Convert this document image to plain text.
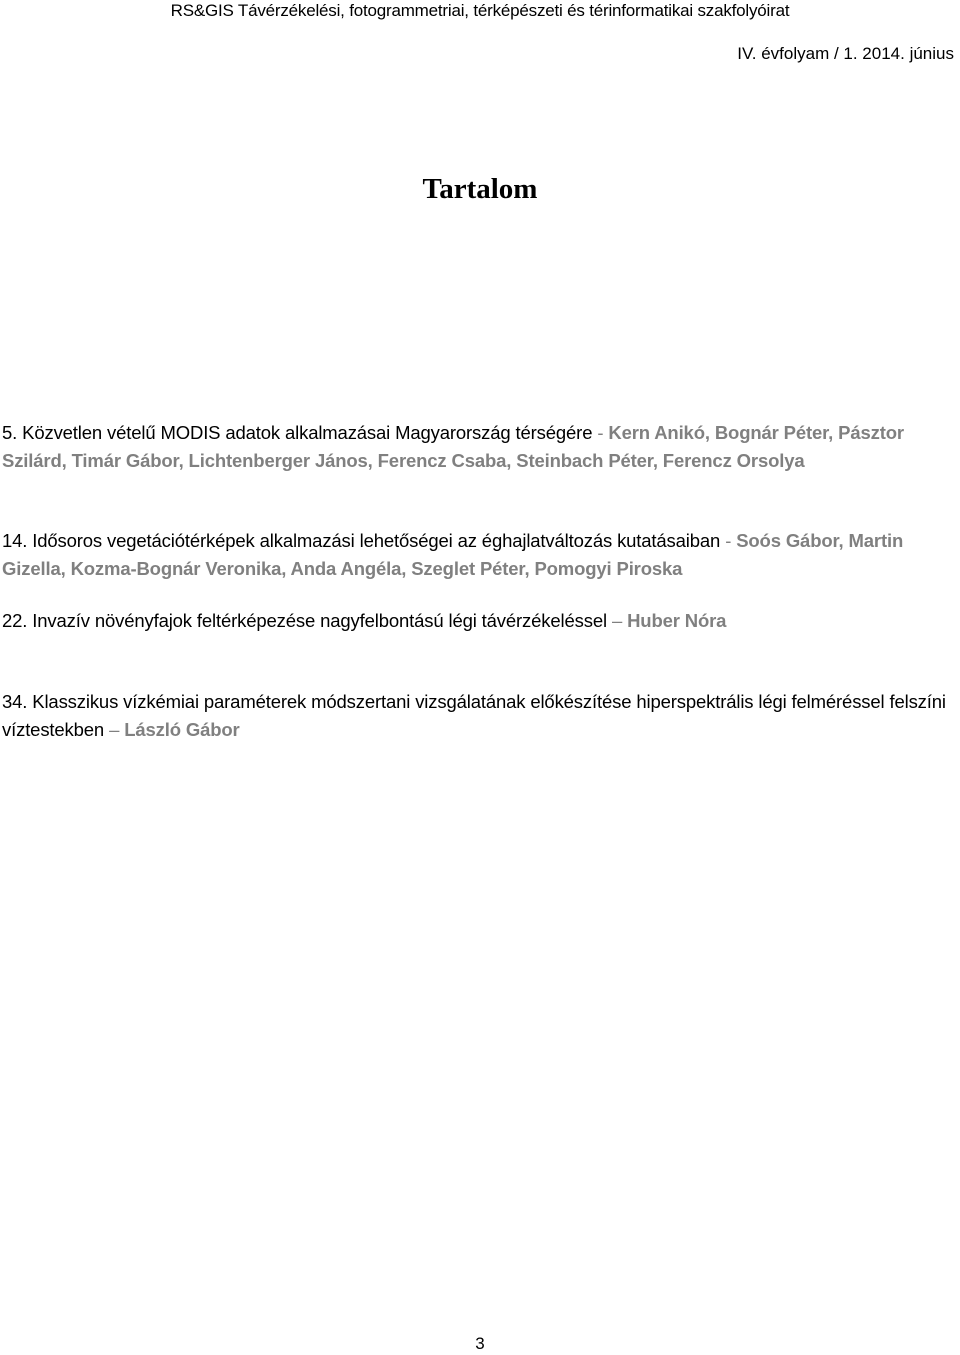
RS&GIS Távérzékelési, fotogrammetriai, térképészeti és térinformatikai szakfolyóirat
IV. évfolyam / 1. 2014. június
Tartalom
5. Közvetlen vételű MODIS adatok alkalmazásai Magyarország térségére - Kern Anikó, Bognár Péter, Pásztor Szilárd, Timár Gábor, Lichtenberger János, Ferencz Csaba, Steinbach Péter, Ferencz Orsolya
14. Idősoros vegetációtérképek alkalmazási lehetőségei az éghajlatváltozás kutatásaiban - Soós Gábor, Martin Gizella, Kozma-Bognár Veronika, Anda Angéla, Szeglet Péter, Pomogyi Piroska
22. Invazív növényfajok feltérképezése nagyfelbontású légi távérzékeléssel – Huber Nóra
34. Klasszikus vízkémiai paraméterek módszertani vizsgálatának előkészítése hiperspektrális légi felméréssel felszíni víztestekben – László Gábor
3
